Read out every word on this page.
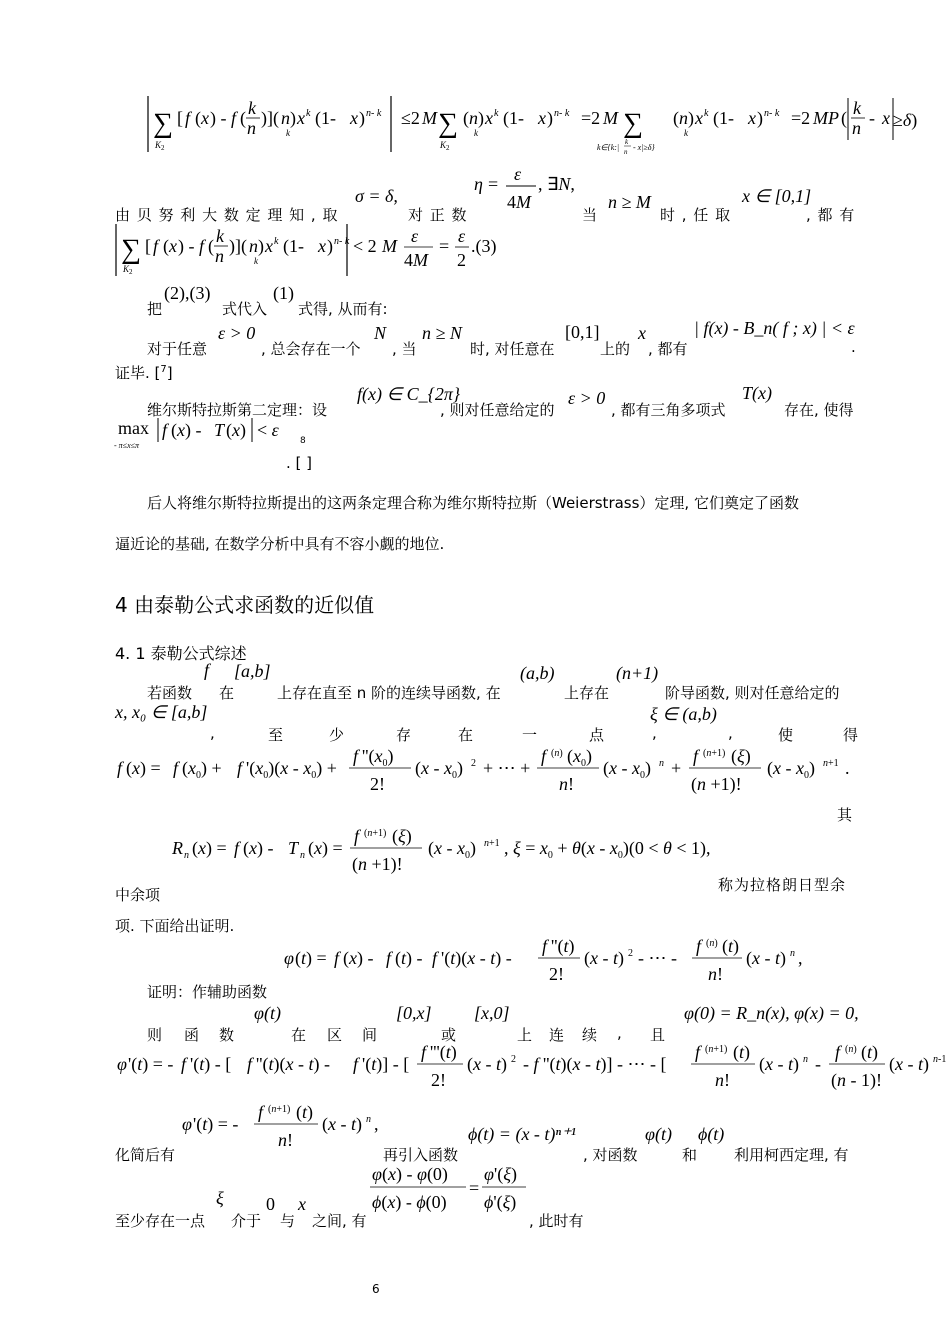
∑
$K_2$
[ f ( x ) - f ( k
n )]( n )
k
x k (1- x ) n- k ≤2 M ∑
$K_2$
( n )
k
x k (1- x ) n- k =2 M ∑
k∈{k:|
k
n - x|≥δ}
( n )
k
x k (1- x ) n- k =2 MP ( k
n - x ≥δ)
由 贝 努 利 大 数 定 理 知 , 取
σ = δ,
对 正 数
η = ε
4M
, ∃N,
当
n ≥ M
时 , 任 取
x ∈ [0,1]
, 都 有
∑
$K_2$
[ f ( x ) - f ( k
n )]( n )
k
x k (1- x ) n- k < 2 M ε
4M
= ε
2
.(3)
把
(2),(3)
式代入
(1)
式得, 从而有:
对于任意
ε > 0
, 总会存在一个
N
, 当
n ≥ N
时, 对任意在
[0,1]
上的
x
, 都有
| f(x) - B_n( f ; x) | < ε
.
证毕. [$^7$]
维尔斯特拉斯第二定理：设
f(x) ∈ C_{2π}
, 则对任意给定的
ε > 0
, 都有三角多项式
T(x)
存在, 使得
max
- π≤x≤π
f (x) - T (x) < ε
8
. [ ]
后人将维尔斯特拉斯提出的这两条定理合称为维尔斯特拉斯（Weierstrass）定理, 它们奠定了函数
逼近论的基础, 在数学分析中具有不容小觑的地位.
4 由泰勒公式求函数的近似值
4. 1 泰勒公式综述
若函数
f
在
[a,b]
上存在直至 n 阶的连续导函数, 在
(a,b)
上存在
(n+1)
阶导函数, 则对任意给定的
x, x₀ ∈ [a,b]
,	至	少	存	在	一	点	,
ξ ∈ (a,b)
,	使	得
f (x) = f $(x_0) + f$ '$(x_0)(x - x_0)$ +
f ''$(x_0)$
2!
$(x - x_0)$ 2 + ⋯ +
f (n) $(x_0)$
n !
$(x - x_0)$ n +
f (n+1) (ξ)
(n +1)!
$(x - x_0)$ n+1 .
其
R n (x) = f (x) - T n (x) =
f (n+1) (ξ)
(n +1)!
$(x - x_0)$ n+1 , $\xi = x_0 + \theta(x - x_0)(0 < \theta < 1)$,
中余项
称为拉格朗日型余
项. 下面给出证明.
φ (t) = f (x) - f (t) - f '(t)(x - t) -
f ''(t)
2!
(x - t) 2 - ⋯ -
f (n) (t)
n !
(x - t) n ,
证明：作辅助函数
则 函 数
φ(t)
在 区 间
[0,x]
或
[x,0]
上 连 续 , 且
φ(0) = R_n(x), φ(x) = 0,
φ '(t) = - f '(t) - [ f ''(t)(x - t) - f '(t)] - [
f '''(t)
2!
(x - t) 2 - f ''(t)(x - t)] - ⋯ - [
f (n+1) (t)
n !
(x - t) n -
f (n) (t)
(n - 1)!
(x - t) n-1
φ '(t) = -
f (n+1) (t)
n !
(x - t) n ,
化简后有	再引入函数
ϕ(t) = (x - t)ⁿ⁺¹
, 对函数
φ(t)
和
ϕ(t)
利用柯西定理, 有
至少存在一点
ξ
介于
0
与
x
之间, 有
φ(x) - φ(0)
ϕ(x) - ϕ(0)
=
φ'(ξ)
ϕ'(ξ)
, 此时有
6
